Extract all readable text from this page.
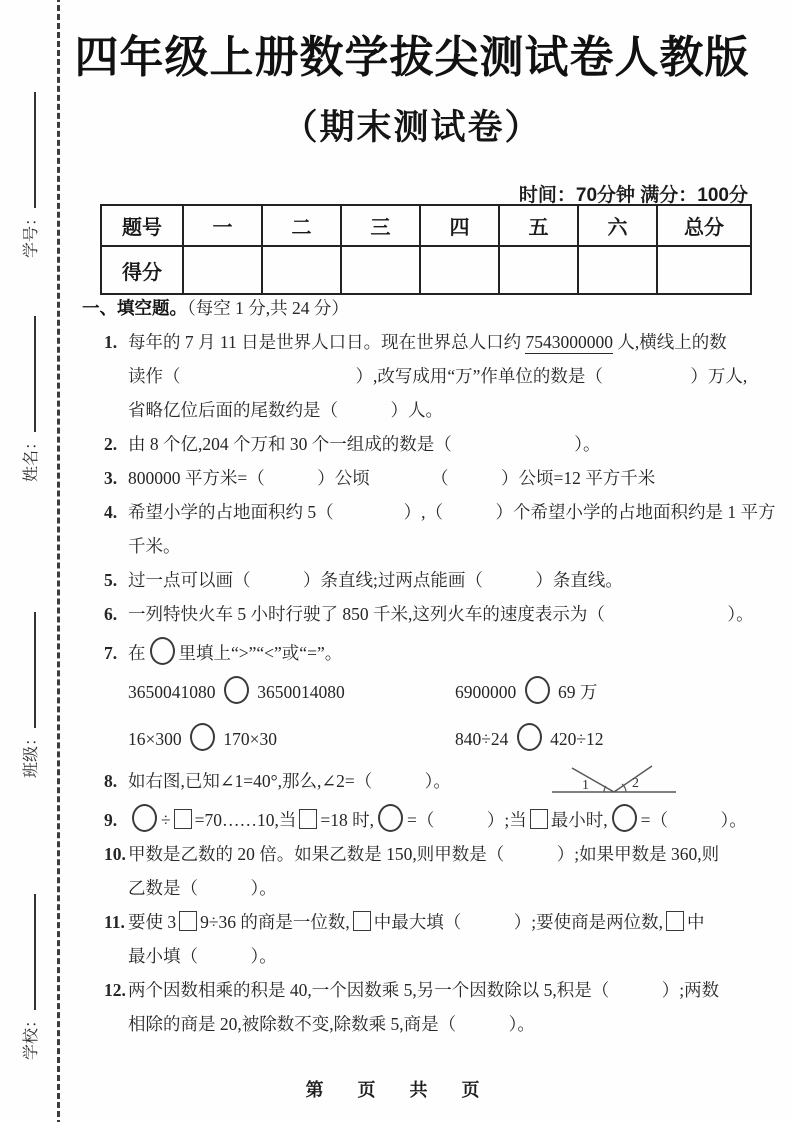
学号：
姓名：
班级：
学校：
四年级上册数学拔尖测试卷人教版
（期末测试卷）
时间：70分钟 满分：100分
题号	一	二	三	四	五	六	总分
得分							
一、填空题。（每空 1 分,共 24 分）
1. 每年的 7 月 11 日是世界人口日。现在世界总人口约 7543000000 人,横线上的数
读作（　　　　　　　　　　）,改写成用“万”作单位的数是（　　　　　）万人,
省略亿位后面的尾数约是（　　　）人。
2. 由 8 个亿,204 个万和 30 个一组成的数是（　　　　　　　）。
3. 800000 平方米=（　　　）公顷　　　　（　　　）公顷=12 平方千米
4. 希望小学的占地面积约 5（　　　　）,（　　　）个希望小学的占地面积约是 1 平方
千米。
5. 过一点可以画（　　　）条直线;过两点能画（　　　）条直线。
6. 一列特快火车 5 小时行驶了 850 千米,这列火车的速度表示为（　　　　　　　）。
7. 在 里填上“>”“<”或“=”。
3650041080  3650014080	6900000  69 万
16×300  170×30	840÷24  420÷12
8. 如右图,已知∠1=40°,那么,∠2=（　　　）。	1	2
9.	÷ =70……10,当 =18 时, =（　　　）;当 最小时, =（　　　）。
10. 甲数是乙数的 20 倍。如果乙数是 150,则甲数是（　　　）;如果甲数是 360,则
乙数是（　　　）。
11. 要使 3 9÷36 的商是一位数, 中最大填（　　　）;要使商是两位数, 中
最小填（　　　）。
12. 两个因数相乘的积是 40,一个因数乘 5,另一个因数除以 5,积是（　　　）;两数
相除的商是 20,被除数不变,除数乘 5,商是（　　　）。
第　页　共　页
